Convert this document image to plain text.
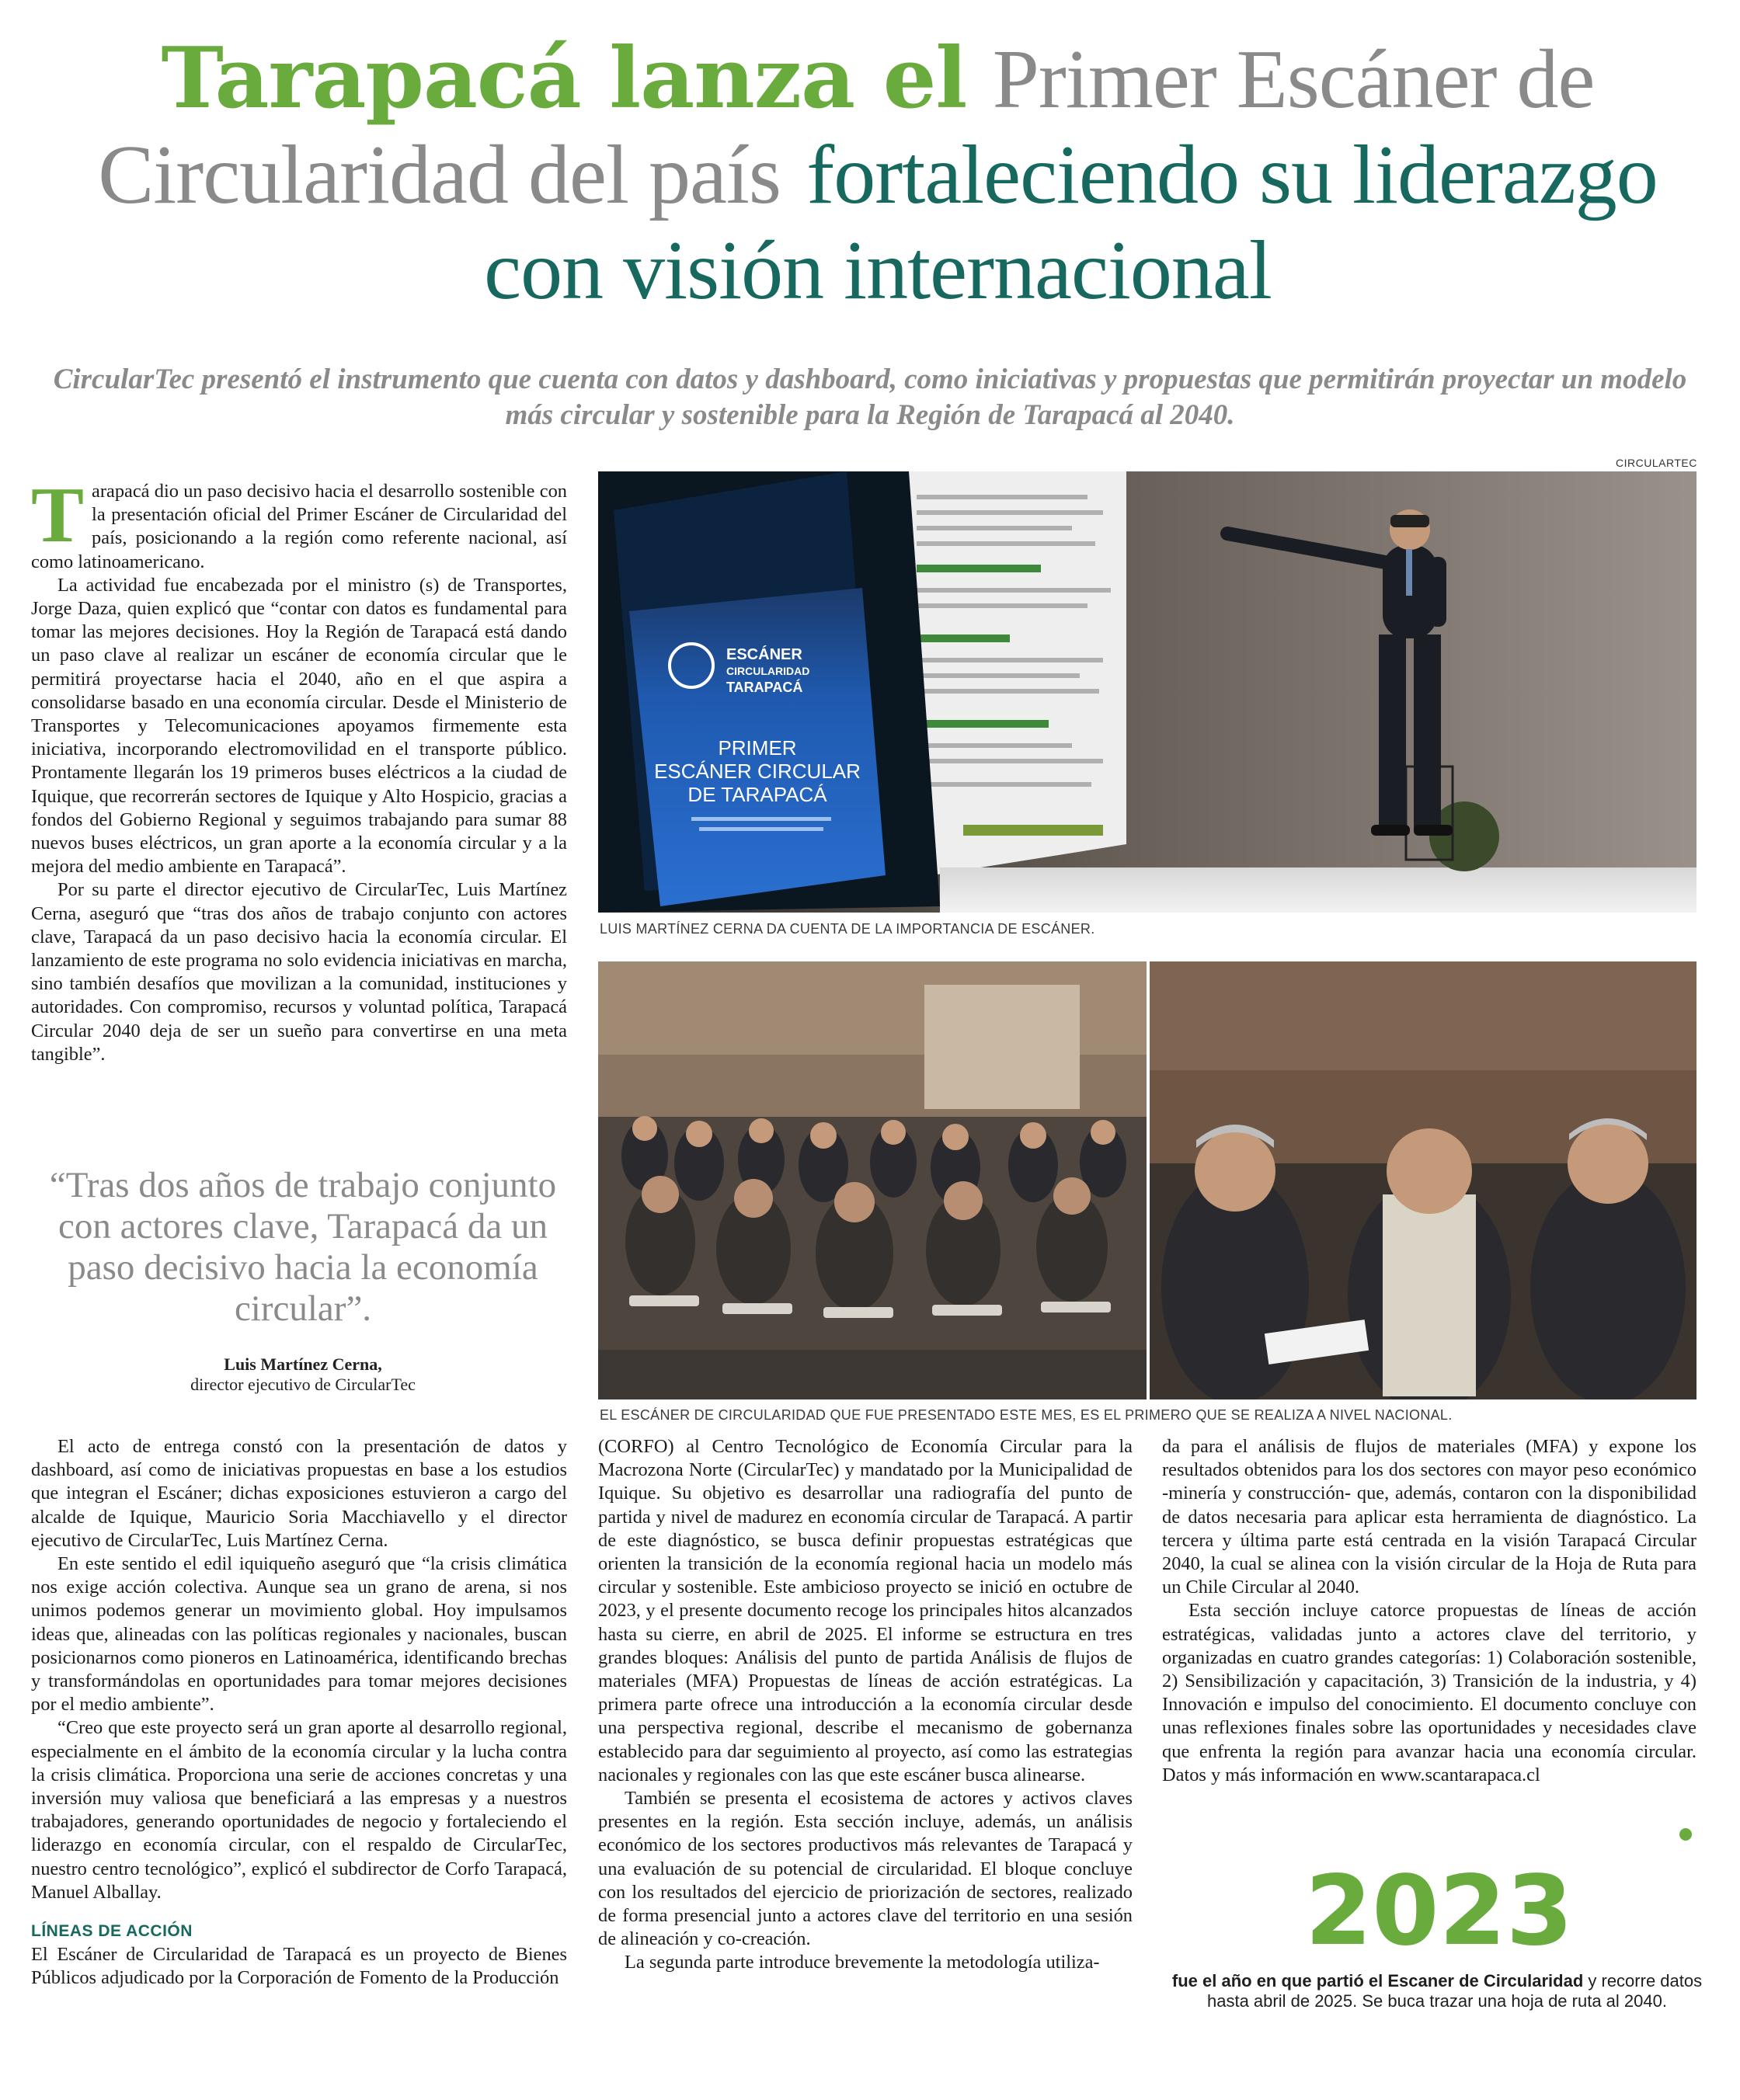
Tarapacá lanza el Primer Escáner de Circularidad del país fortaleciendo su liderazgo con visión internacional
CircularTec presentó el instrumento que cuenta con datos y dashboard, como iniciativas y propuestas que permitirán proyectar un modelo más circular y sostenible para la Región de Tarapacá al 2040.

Tarapacá dio un paso decisivo hacia el desarrollo sostenible con la presentación oficial del Primer Escáner de Circularidad del país, posicionando a la región como referente nacional, así como latinoamericano.

La actividad fue encabezada por el ministro (s) de Transportes, Jorge Daza, quien explicó que “contar con datos es fundamental para tomar las mejores decisiones. Hoy la Región de Tarapacá está dando un paso clave al realizar un escáner de economía circular que le permitirá proyectarse hacia el 2040, año en el que aspira a consolidarse basado en una economía circular. Desde el Ministerio de Transportes y Telecomunicaciones apoyamos firmemente esta iniciativa, incorporando electromovilidad en el transporte público. Prontamente llegarán los 19 primeros buses eléctricos a la ciudad de Iquique, que recorrerán sectores de Iquique y Alto Hospicio, gracias a fondos del Gobierno Regional y seguimos trabajando para sumar 88 nuevos buses eléctricos, un gran aporte a la economía circular y a la mejora del medio ambiente en Tarapacá”.

Por su parte el director ejecutivo de CircularTec, Luis Martínez Cerna, aseguró que “tras dos años de trabajo conjunto con actores clave, Tarapacá da un paso decisivo hacia la economía circular. El lanzamiento de este programa no solo evidencia iniciativas en marcha, sino también desafíos que movilizan a la comunidad, instituciones y autoridades. Con compromiso, recursos y voluntad política, Tarapacá Circular 2040 deja de ser un sueño para convertirse en una meta tangible”.

“Tras dos años de trabajo conjunto con actores clave, Tarapacá da un paso decisivo hacia la economía circular”.
Luis Martínez Cerna,
director ejecutivo de CircularTec

El acto de entrega constó con la presentación de datos y dashboard, así como de iniciativas propuestas en base a los estudios que integran el Escáner; dichas exposiciones estuvieron a cargo del alcalde de Iquique, Mauricio Soria Macchiavello y el director ejecutivo de CircularTec, Luis Martínez Cerna.

En este sentido el edil iquiqueño aseguró que “la crisis climática nos exige acción colectiva. Aunque sea un grano de arena, si nos unimos podemos generar un movimiento global. Hoy impulsamos ideas que, alineadas con las políticas regionales y nacionales, buscan posicionarnos como pioneros en Latinoamérica, identificando brechas y transformándolas en oportunidades para tomar mejores decisiones por el medio ambiente”.

“Creo que este proyecto será un gran aporte al desarrollo regional, especialmente en el ámbito de la economía circular y la lucha contra la crisis climática. Proporciona una serie de acciones concretas y una inversión muy valiosa que beneficiará a las empresas y a nuestros trabajadores, generando oportunidades de negocio y fortaleciendo el liderazgo en economía circular, con el respaldo de CircularTec, nuestro centro tecnológico”, explicó el subdirector de Corfo Tarapacá, Manuel Alballay.

LÍNEAS DE ACCIÓN

El Escáner de Circularidad de Tarapacá es un proyecto de Bienes Públicos adjudicado por la Corporación de Fomento de la Producción

CIRCULARTEC
ESCÁNER
CIRCULARIDAD
TARAPACÁ
PRIMER
ESCÁNER CIRCULAR
DE TARAPACÁ
LUIS MARTÍNEZ CERNA DA CUENTA DE LA IMPORTANCIA DE ESCÁNER.
EL ESCÁNER DE CIRCULARIDAD QUE FUE PRESENTADO ESTE MES, ES EL PRIMERO QUE SE REALIZA A NIVEL NACIONAL.

(CORFO) al Centro Tecnológico de Economía Circular para la Macrozona Norte (CircularTec) y mandatado por la Municipalidad de Iquique. Su objetivo es desarrollar una radiografía del punto de partida y nivel de madurez en economía circular de Tarapacá. A partir de este diagnóstico, se busca definir propuestas estratégicas que orienten la transición de la economía regional hacia un modelo más circular y sostenible. Este ambicioso proyecto se inició en octubre de 2023, y el presente documento recoge los principales hitos alcanzados hasta su cierre, en abril de 2025. El informe se estructura en tres grandes bloques: Análisis del punto de partida Análisis de flujos de materiales (MFA) Propuestas de líneas de acción estratégicas. La primera parte ofrece una introducción a la economía circular desde una perspectiva regional, describe el mecanismo de gobernanza establecido para dar seguimiento al proyecto, así como las estrategias nacionales y regionales con las que este escáner busca alinearse.

También se presenta el ecosistema de actores y activos claves presentes en la región. Esta sección incluye, además, un análisis económico de los sectores productivos más relevantes de Tarapacá y una evaluación de su potencial de circularidad. El bloque concluye con los resultados del ejercicio de priorización de sectores, realizado de forma presencial junto a actores clave del territorio en una sesión de alineación y co-creación.

La segunda parte introduce brevemente la metodología utiliza-

da para el análisis de flujos de materiales (MFA) y expone los resultados obtenidos para los dos sectores con mayor peso económico -minería y construcción- que, además, contaron con la disponibilidad de datos necesaria para aplicar esta herramienta de diagnóstico. La tercera y última parte está centrada en la visión Tarapacá Circular 2040, la cual se alinea con la visión circular de la Hoja de Ruta para un Chile Circular al 2040.

Esta sección incluye catorce propuestas de líneas de acción estratégicas, validadas junto a actores clave del territorio, y organizadas en cuatro grandes categorías: 1) Colaboración sostenible, 2) Sensibilización y capacitación, 3) Transición de la industria, y 4) Innovación e impulso del conocimiento. El documento concluye con unas reflexiones finales sobre las oportunidades y necesidades clave que enfrenta la región para avanzar hacia una economía circular. Datos y más información en www.scantarapaca.cl

2023
fue el año en que partió el Escaner de Circularidad y recorre datos hasta abril de 2025. Se buca trazar una hoja de ruta al 2040.
